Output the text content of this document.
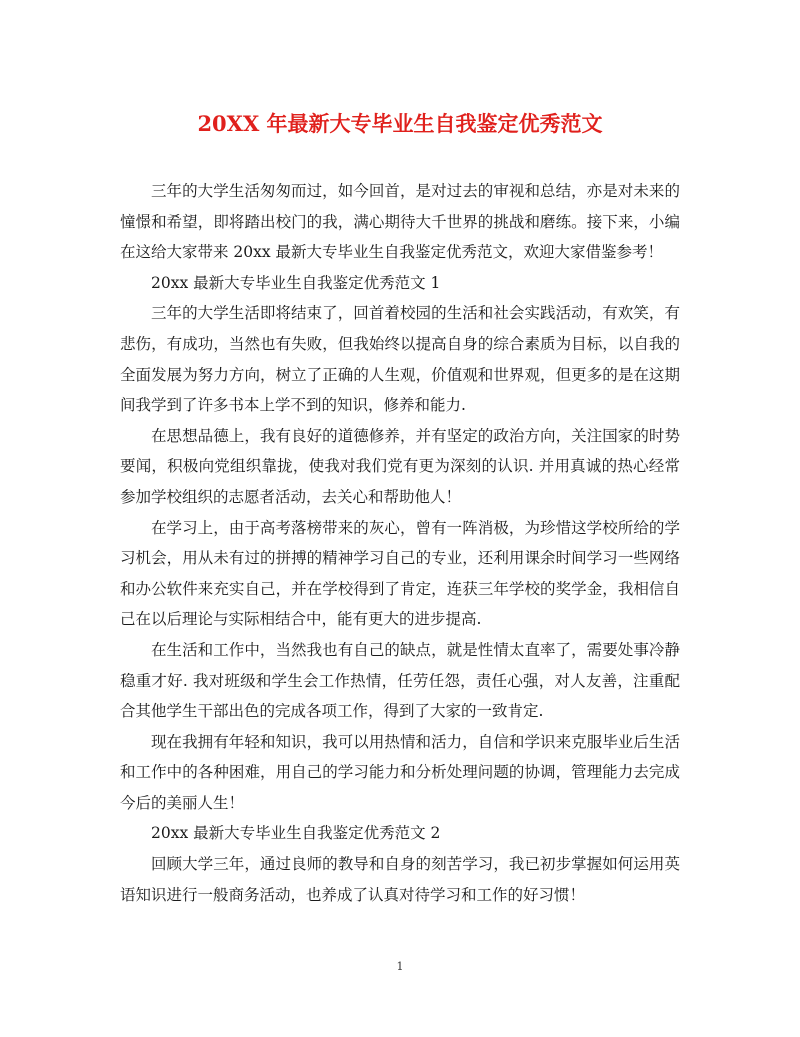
20XX 年最新大专毕业生自我鉴定优秀范文

三年的大学生活匆匆而过，如今回首，是对过去的审视和总结，亦是对未来的憧憬和希望，即将踏出校门的我，满心期待大千世界的挑战和磨练。接下来，小编在这给大家带来 20xx 最新大专毕业生自我鉴定优秀范文，欢迎大家借鉴参考！

20xx 最新大专毕业生自我鉴定优秀范文 1

三年的大学生活即将结束了，回首着校园的生活和社会实践活动，有欢笑，有悲伤，有成功，当然也有失败，但我始终以提高自身的综合素质为目标，以自我的全面发展为努力方向，树立了正确的人生观，价值观和世界观，但更多的是在这期间我学到了许多书本上学不到的知识，修养和能力.

在思想品德上，我有良好的道德修养，并有坚定的政治方向，关注国家的时势要闻，积极向党组织靠拢，使我对我们党有更为深刻的认识. 并用真诚的热心经常参加学校组织的志愿者活动，去关心和帮助他人！

在学习上，由于高考落榜带来的灰心，曾有一阵消极，为珍惜这学校所给的学习机会，用从未有过的拼搏的精神学习自己的专业，还利用课余时间学习一些网络和办公软件来充实自己，并在学校得到了肯定，连获三年学校的奖学金，我相信自己在以后理论与实际相结合中，能有更大的进步提高.

在生活和工作中，当然我也有自己的缺点，就是性情太直率了，需要处事冷静稳重才好. 我对班级和学生会工作热情，任劳任怨，责任心强，对人友善，注重配合其他学生干部出色的完成各项工作，得到了大家的一致肯定.

现在我拥有年轻和知识，我可以用热情和活力，自信和学识来克服毕业后生活和工作中的各种困难，用自己的学习能力和分析处理问题的协调，管理能力去完成今后的美丽人生！

20xx 最新大专毕业生自我鉴定优秀范文 2

回顾大学三年，通过良师的教导和自身的刻苦学习，我已初步掌握如何运用英语知识进行一般商务活动，也养成了认真对待学习和工作的好习惯！

1
